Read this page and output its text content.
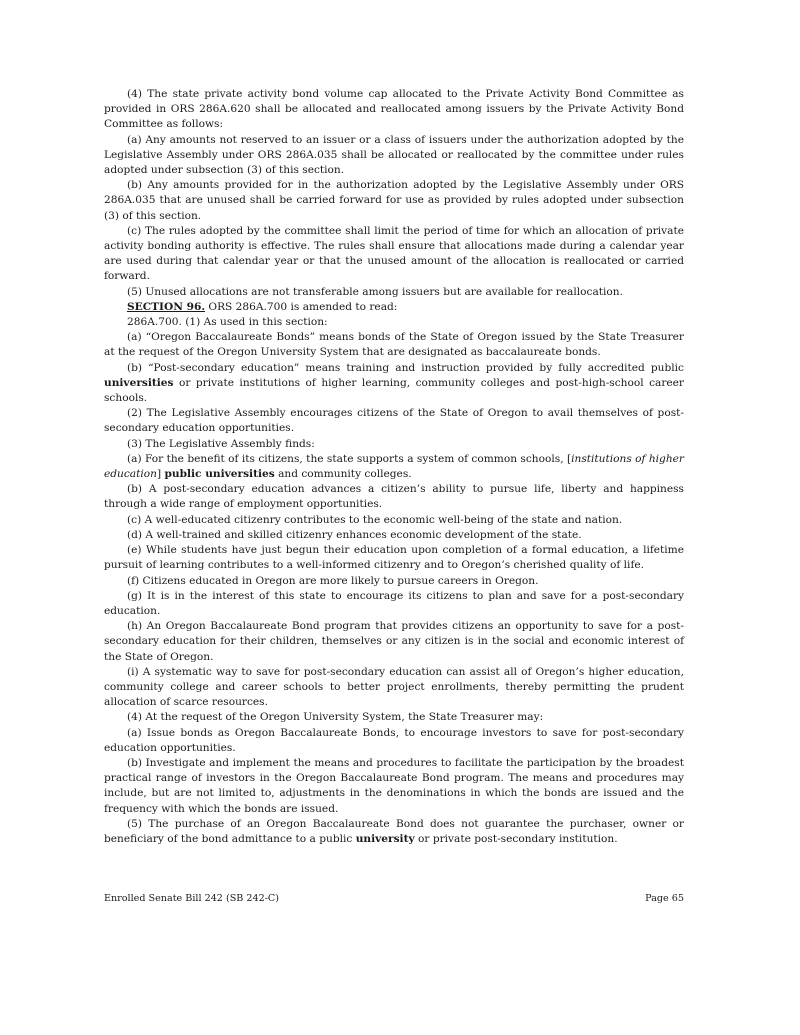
(4) The state private activity bond volume cap allocated to the Private Activity Bond Committee as provided in ORS 286A.620 shall be allocated and reallocated among issuers by the Private Activity Bond Committee as follows:

(a) Any amounts not reserved to an issuer or a class of issuers under the authorization adopted by the Legislative Assembly under ORS 286A.035 shall be allocated or reallocated by the committee under rules adopted under subsection (3) of this section.

(b) Any amounts provided for in the authorization adopted by the Legislative Assembly under ORS 286A.035 that are unused shall be carried forward for use as provided by rules adopted under subsection (3) of this section.

(c) The rules adopted by the committee shall limit the period of time for which an allocation of private activity bonding authority is effective. The rules shall ensure that allocations made during a calendar year are used during that calendar year or that the unused amount of the allocation is reallocated or carried forward.

(5) Unused allocations are not transferable among issuers but are available for reallocation.

SECTION 96. ORS 286A.700 is amended to read:

286A.700. (1) As used in this section:

(a) “Oregon Baccalaureate Bonds” means bonds of the State of Oregon issued by the State Treasurer at the request of the Oregon University System that are designated as baccalaureate bonds.

(b) “Post-secondary education” means training and instruction provided by fully accredited public universities or private institutions of higher learning, community colleges and post-high-school career schools.

(2) The Legislative Assembly encourages citizens of the State of Oregon to avail themselves of post-secondary education opportunities.

(3) The Legislative Assembly finds:

(a) For the benefit of its citizens, the state supports a system of common schools, [institutions of higher education] public universities and community colleges.

(b) A post-secondary education advances a citizen’s ability to pursue life, liberty and happiness through a wide range of employment opportunities.

(c) A well-educated citizenry contributes to the economic well-being of the state and nation.

(d) A well-trained and skilled citizenry enhances economic development of the state.

(e) While students have just begun their education upon completion of a formal education, a lifetime pursuit of learning contributes to a well-informed citizenry and to Oregon’s cherished quality of life.

(f) Citizens educated in Oregon are more likely to pursue careers in Oregon.

(g) It is in the interest of this state to encourage its citizens to plan and save for a post-secondary education.

(h) An Oregon Baccalaureate Bond program that provides citizens an opportunity to save for a post-secondary education for their children, themselves or any citizen is in the social and economic interest of the State of Oregon.

(i) A systematic way to save for post-secondary education can assist all of Oregon’s higher education, community college and career schools to better project enrollments, thereby permitting the prudent allocation of scarce resources.

(4) At the request of the Oregon University System, the State Treasurer may:

(a) Issue bonds as Oregon Baccalaureate Bonds, to encourage investors to save for post-secondary education opportunities.

(b) Investigate and implement the means and procedures to facilitate the participation by the broadest practical range of investors in the Oregon Baccalaureate Bond program. The means and procedures may include, but are not limited to, adjustments in the denominations in which the bonds are issued and the frequency with which the bonds are issued.

(5) The purchase of an Oregon Baccalaureate Bond does not guarantee the purchaser, owner or beneficiary of the bond admittance to a public university or private post-secondary institution.

Enrolled Senate Bill 242 (SB 242-C)	Page 65
